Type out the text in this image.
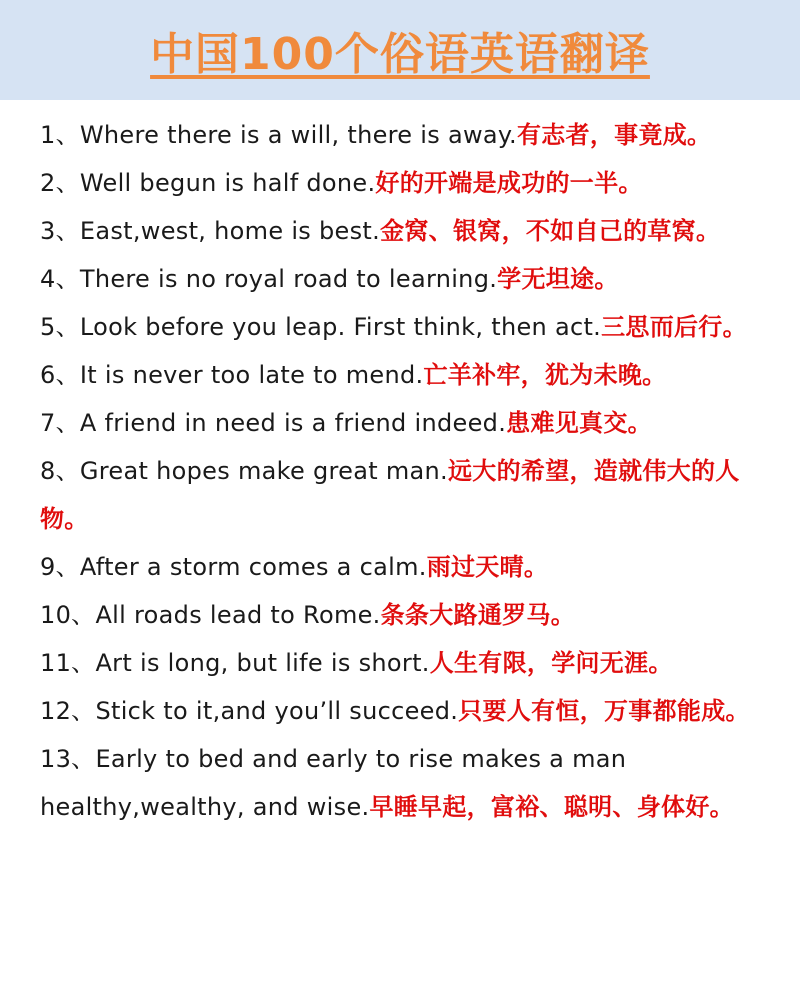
中国100个俗语英语翻译
1、Where there is a will, there is away.有志者，事竟成。
2、Well begun is half done.好的开端是成功的一半。
3、East,west, home is best.金窝、银窝，不如自己的草窝。
4、There is no royal road to learning.学无坦途。
5、Look before you leap. First think, then act.三思而后行。
6、It is never too late to mend.亡羊补牢，犹为未晚。
7、A friend in need is a friend indeed.患难见真交。
8、Great hopes make great man.远大的希望，造就伟大的人物。
9、After a storm comes a calm.雨过天晴。
10、All roads lead to Rome.条条大路通罗马。
11、Art is long, but life is short.人生有限，学问无涯。
12、Stick to it,and you’ll succeed.只要人有恒，万事都能成。
13、Early to bed and early to rise makes a man healthy,wealthy, and wise.早睡早起，富裕、聪明、身体好。
